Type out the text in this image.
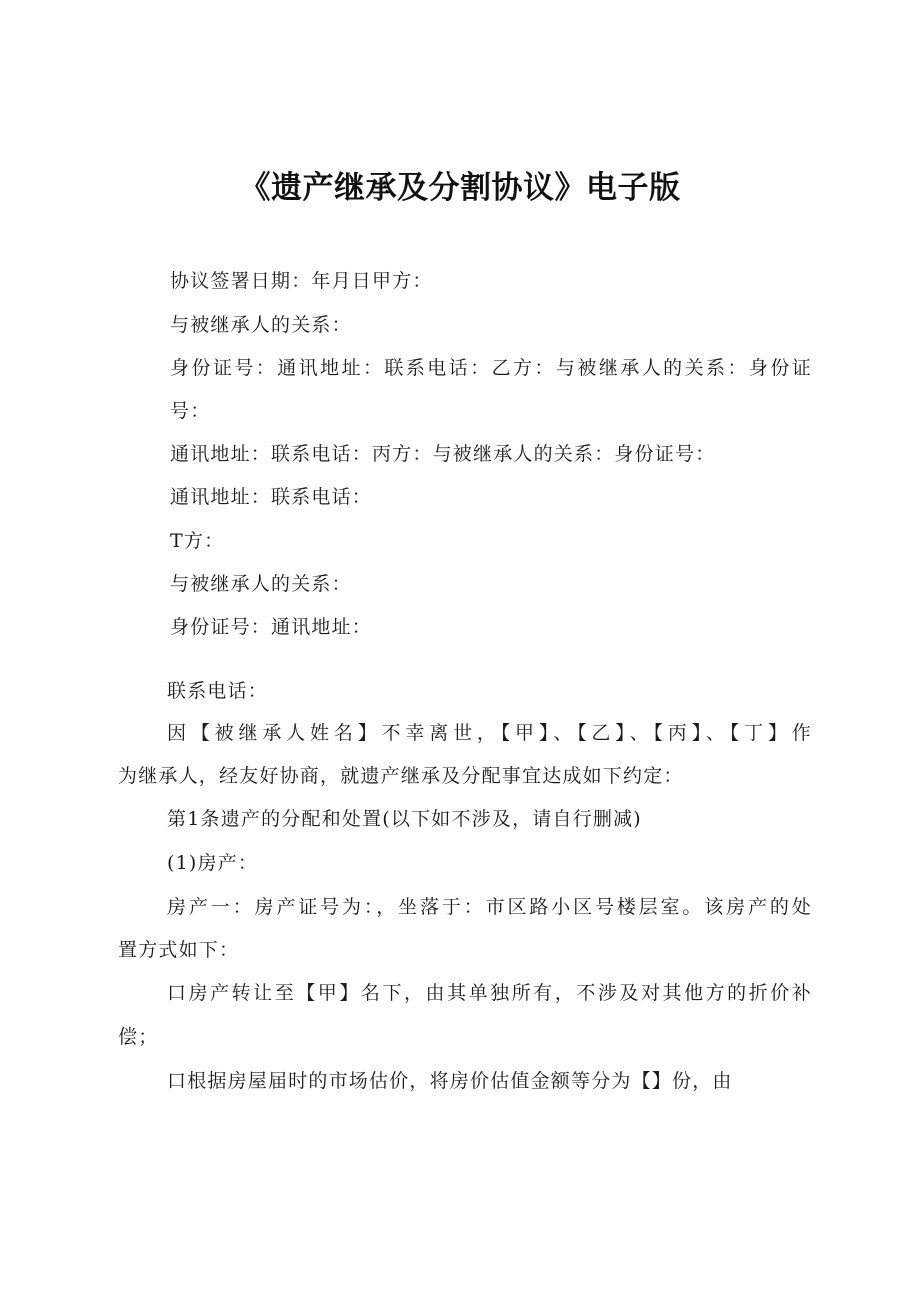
《遗产继承及分割协议》电子版
协议签署日期：年月日甲方：
与被继承人的关系：
身份证号：通讯地址：联系电话：乙方：与被继承人的关系：身份证
号：
通讯地址：联系电话：丙方：与被继承人的关系：身份证号：
通讯地址：联系电话：
T方：
与被继承人的关系：
身份证号：通讯地址：
联系电话：
因【被继承人姓名】不幸离世，【甲】、【乙】、【丙】、【丁】作
为继承人，经友好协商，就遗产继承及分配事宜达成如下约定：
第1条遗产的分配和处置(以下如不涉及，请自行删减)
(1)房产：
房产一：房产证号为：，坐落于：市区路小区号楼层室。该房产的处
置方式如下：
口房产转让至【甲】名下，由其单独所有，不涉及对其他方的折价补
偿；
口根据房屋届时的市场估价，将房价估值金额等分为【】份，由
